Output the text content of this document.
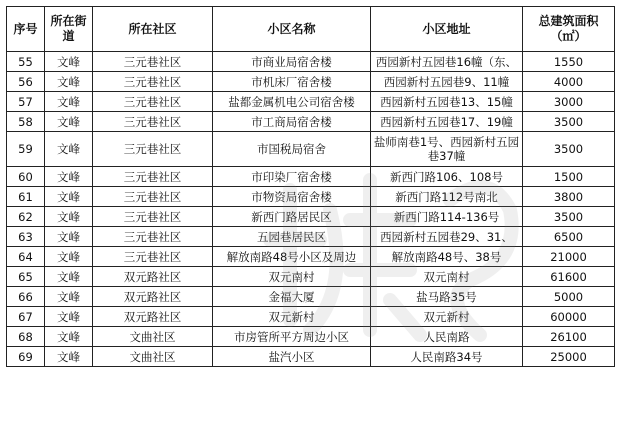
序号	所在街道	所在社区	小区名称	小区地址	总建筑面积（㎡）
55	文峰	三元巷社区	市商业局宿舍楼	西园新村五园巷16幢（东、	1550
56	文峰	三元巷社区	市机床厂宿舍楼	西园新村五园巷9、11幢	4000
57	文峰	三元巷社区	盐都金属机电公司宿舍楼	西园新村五园巷13、15幢	3000
58	文峰	三元巷社区	市工商局宿舍楼	西园新村五园巷17、19幢	3500
59	文峰	三元巷社区	市国税局宿舍	盐师南巷1号、西园新村五园巷37幢	3500
60	文峰	三元巷社区	市印染厂宿舍楼	新西门路106、108号	1500
61	文峰	三元巷社区	市物资局宿舍楼	新西门路112号南北	3800
62	文峰	三元巷社区	新西门路居民区	新西门路114-136号	3500
63	文峰	三元巷社区	五园巷居民区	西园新村五园巷29、31、	6500
64	文峰	三元巷社区	解放南路48号小区及周边	解放南路48号、38号	21000
65	文峰	双元路社区	双元南村	双元南村	61600
66	文峰	双元路社区	金福大厦	盐马路35号	5000
67	文峰	双元路社区	双元新村	双元新村	60000
68	文峰	文曲社区	市房管所平方周边小区	人民南路	26100
69	文峰	文曲社区	盐汽小区	人民南路34号	25000
